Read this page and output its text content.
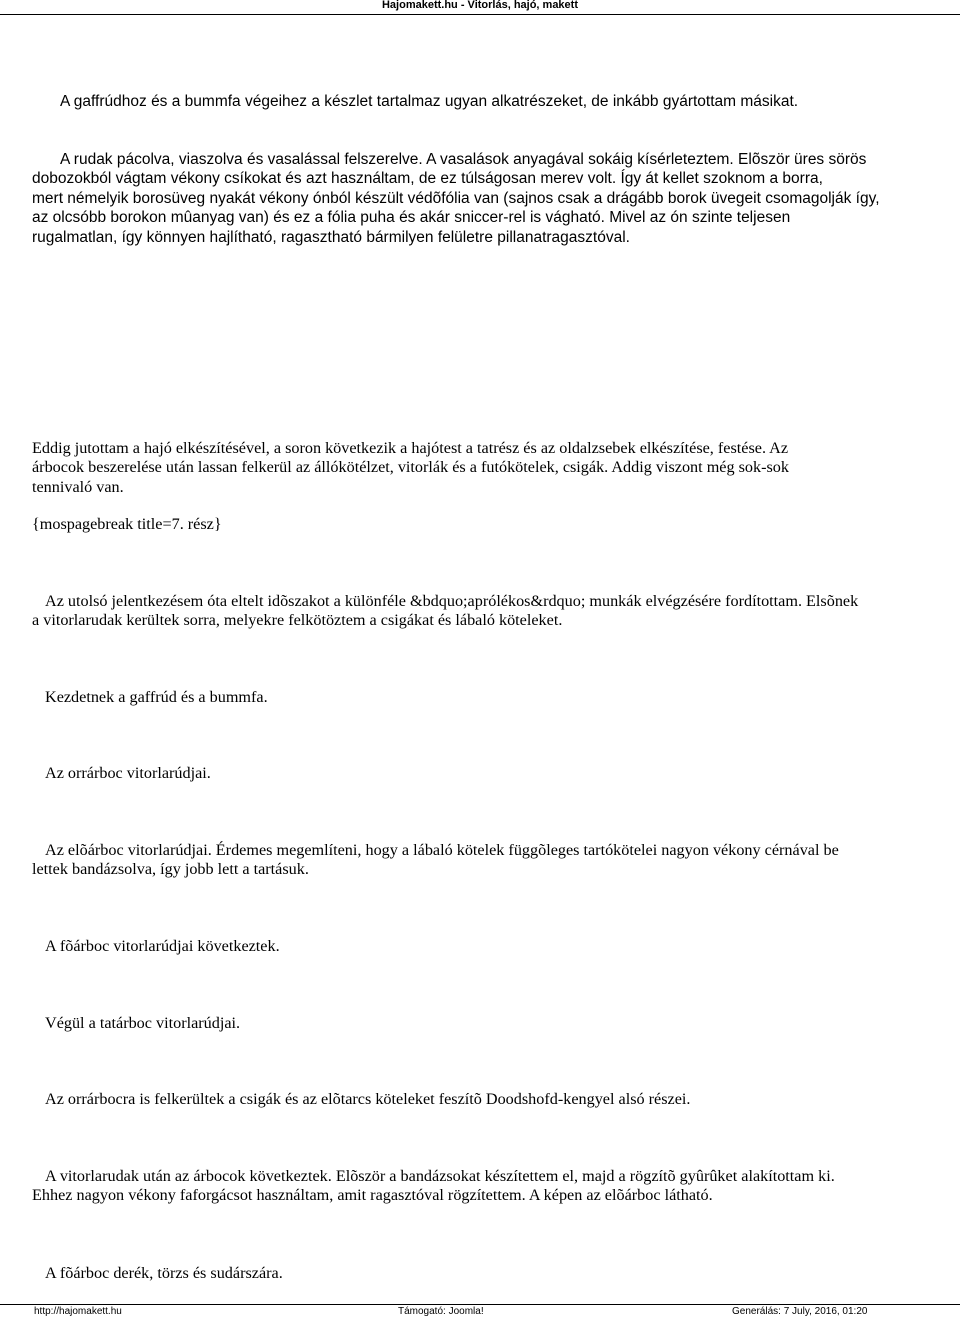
Hajomakett.hu - Vitorlás, hajó, makett
A gaffrúdhoz és a bummfa végeihez a készlet tartalmaz ugyan alkatrészeket, de inkább gyártottam másikat.
A rudak pácolva, viaszolva és vasalással felszerelve. A vasalások anyagával sokáig kísérleteztem. Elõször üres sörös
dobozokból vágtam vékony csíkokat és azt használtam, de ez túlságosan merev volt. Így át kellet szoknom a borra,
mert némelyik borosüveg nyakát vékony ónból készült védõfólia van (sajnos csak a drágább borok üvegeit csomagolják így,
az olcsóbb borokon mûanyag van) és ez a fólia puha és akár sniccer-rel is vágható. Mivel az ón szinte teljesen
rugalmatlan, így könnyen hajlítható, ragasztható bármilyen felületre pillanatragasztóval.
Eddig jutottam a hajó elkészítésével, a soron következik a hajótest a tatrész és az oldalzsebek elkészítése, festése. Az
árbocok beszerelése után lassan felkerül az állókötélzet, vitorlák és a futókötelek, csigák. Addig viszont még sok-sok
tennivaló van.
{mospagebreak title=7. rész}
Az utolsó jelentkezésem óta eltelt idõszakot a különféle &bdquo;aprólékos&rdquo; munkák elvégzésére fordítottam. Elsõnek
a vitorlarudak kerültek sorra, melyekre felkötöztem a csigákat és lábaló köteleket.
Kezdetnek a gaffrúd és a bummfa.
Az orrárboc vitorlarúdjai.
Az elõárboc vitorlarúdjai. Érdemes megemlíteni, hogy a lábaló kötelek függõleges tartókötelei nagyon vékony cérnával be
lettek bandázsolva, így jobb lett a tartásuk.
A fõárboc vitorlarúdjai következtek.
Végül a tatárboc vitorlarúdjai.
Az orrárbocra is felkerültek a csigák és az elõtarcs köteleket feszítõ Doodshofd-kengyel alsó részei.
A vitorlarudak után az árbocok következtek. Elõször a bandázsokat készítettem el, majd a rögzítõ gyûrûket alakítottam ki.
Ehhez nagyon vékony faforgácsot használtam, amit ragasztóval rögzítettem. A képen az elõárboc látható.
A fõárboc derék, törzs és sudárszára.
http://hajomakett.hu	Támogató: Joomla!	Generálás: 7 July, 2016, 01:20
